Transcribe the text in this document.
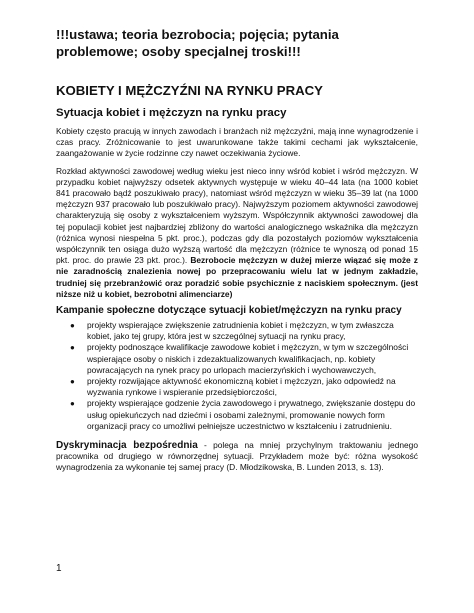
!!!ustawa; teoria bezrobocia; pojęcia; pytania problemowe; osoby specjalnej troski!!!

KOBIETY I MĘŻCZYŹNI NA RYNKU PRACY

Sytuacja kobiet i mężczyzn na rynku pracy

Kobiety często pracują w innych zawodach i branżach niż mężczyźni, mają inne wynagrodzenie i czas pracy. Zróżnicowanie to jest uwarunkowane także takimi cechami jak wykształcenie, zaangażowanie w życie rodzinne czy nawet oczekiwania życiowe.

Rozkład aktywności zawodowej według wieku jest nieco inny wśród kobiet i wśród mężczyzn. W przypadku kobiet najwyższy odsetek aktywnych występuje w wieku 40–44 lata (na 1000 kobiet 841 pracowało bądź poszukiwało pracy), natomiast wśród mężczyzn w wieku 35–39 lat (na 1000 mężczyzn 937 pracowało lub poszukiwało pracy). Najwyższym poziomem aktywności zawodowej charakteryzują się osoby z wykształceniem wyższym. Współczynnik aktywności zawodowej dla tej populacji kobiet jest najbardziej zbliżony do wartości analogicznego wskaźnika dla mężczyzn (różnica wynosi niespełna 5 pkt. proc.), podczas gdy dla pozostałych poziomów wykształcenia współczynnik ten osiąga dużo wyższą wartość dla mężczyzn (różnice te wynoszą od ponad 15 pkt. proc. do prawie 23 pkt. proc.). Bezrobocie mężczyzn w dużej mierze wiązać się może z nie zaradnością znalezienia nowej po przepracowaniu wielu lat w jednym zakładzie, trudniej się przebranżowić oraz poradzić sobie psychicznie z naciskiem społecznym. (jest niższe niż u kobiet, bezrobotni alimenciarze)

Kampanie społeczne dotyczące sytuacji kobiet/mężczyzn na rynku pracy

● projekty wspierające zwiększenie zatrudnienia kobiet i mężczyzn, w tym zwłaszcza kobiet, jako tej grupy, która jest w szczególnej sytuacji na rynku pracy,
● projekty podnoszące kwalifikacje zawodowe kobiet i mężczyzn, w tym w szczególności wspierające osoby o niskich i zdezaktualizowanych kwalifikacjach, np. kobiety powracających na rynek pracy po urlopach macierzyńskich i wychowawczych,
● projekty rozwijające aktywność ekonomiczną kobiet i mężczyzn, jako odpowiedź na wyzwania rynkowe i wspieranie przedsiębiorczości,
● projekty wspierające godzenie życia zawodowego i prywatnego, zwiększanie dostępu do usług opiekuńczych nad dziećmi i osobami zależnymi, promowanie nowych form organizacji pracy co umożliwi pełniejsze uczestnictwo w kształceniu i zatrudnieniu.

Dyskryminacja bezpośrednia - polega na mniej przychylnym traktowaniu jednego pracownika od drugiego w równorzędnej sytuacji. Przykładem może być: różna wysokość wynagrodzenia za wykonanie tej samej pracy (D. Młodzikowska, B. Lunden 2013, s. 13).

1
